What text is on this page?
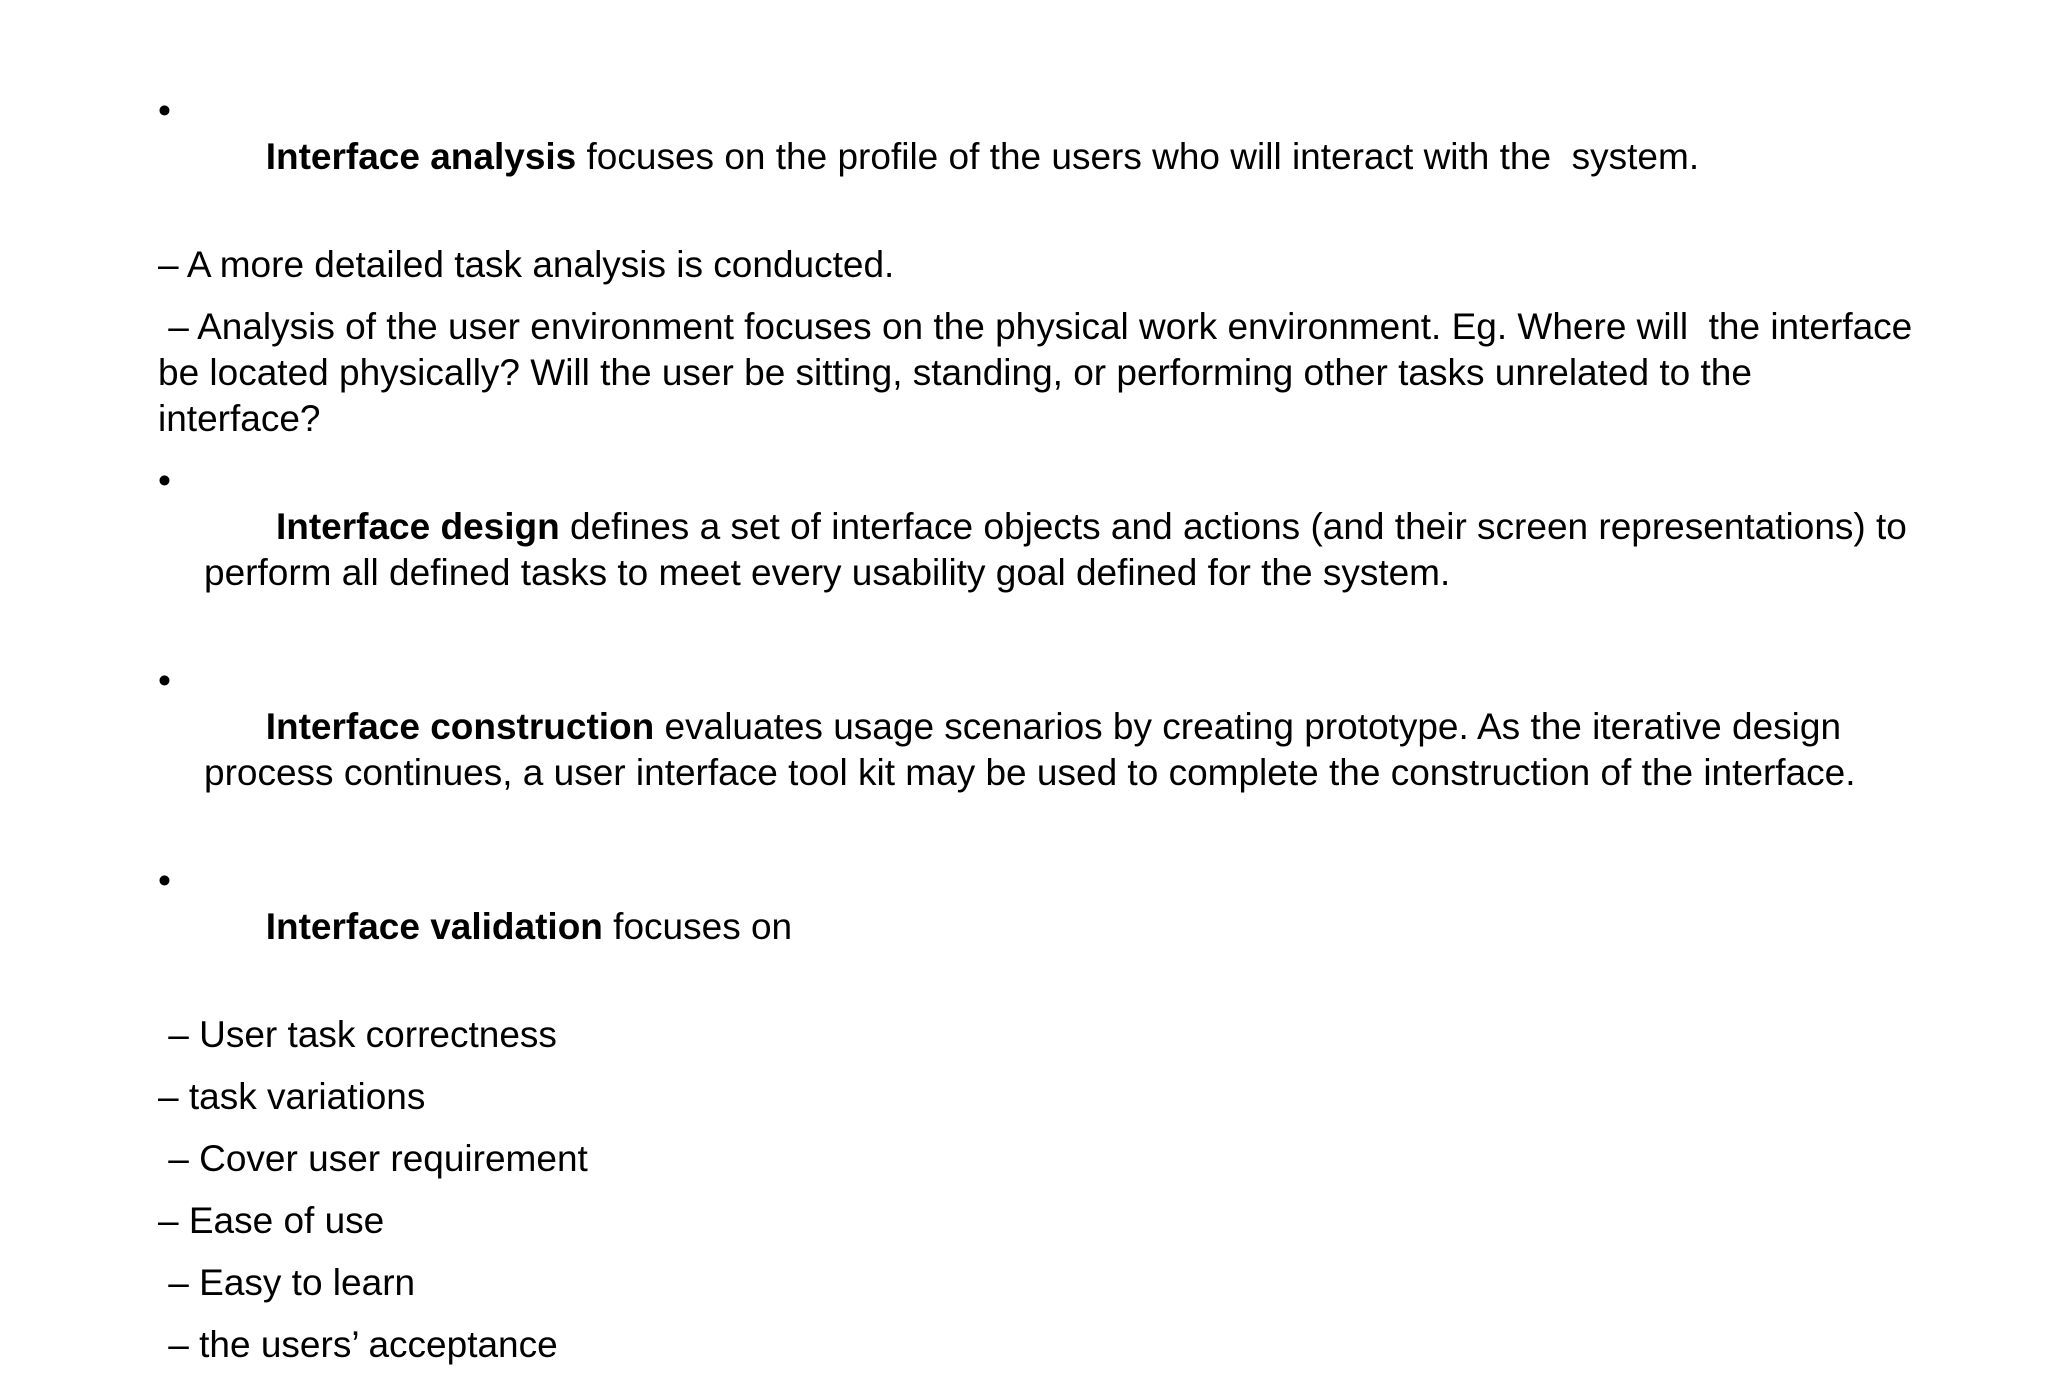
•
Interface analysis focuses on the profile of the users who will interact with the  system.

– A more detailed task analysis is conducted.
– Analysis of the user environment focuses on the physical work environment. Eg. Where will  the interface be located physically? Will the user be sitting, standing, or performing other tasks unrelated to the interface?

•
Interface design defines a set of interface objects and actions (and their screen representations) to perform all defined tasks to meet every usability goal defined for the system.

•
Interface construction evaluates usage scenarios by creating prototype. As the iterative design process continues, a user interface tool kit may be used to complete the construction of the interface.

•
Interface validation focuses on

– User task correctness
– task variations
– Cover user requirement
– Ease of use
– Easy to learn
– the users’ acceptance
